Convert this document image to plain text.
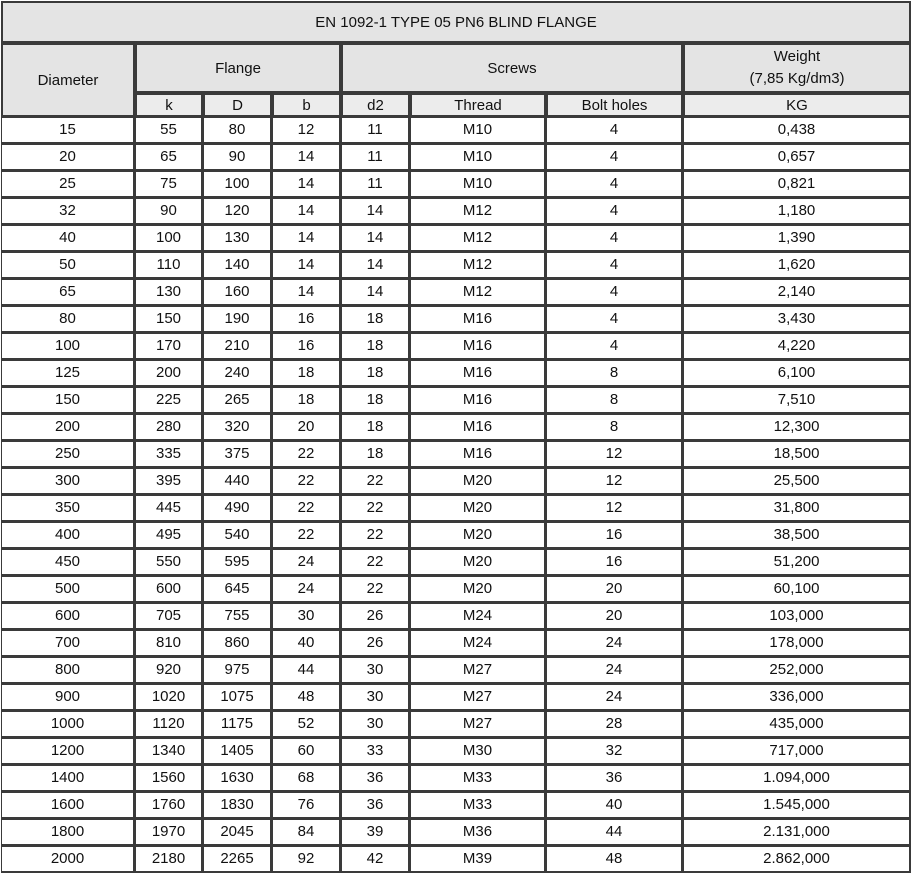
EN 1092-1 TYPE 05 PN6 BLIND FLANGE							
Diameter	Flange			Screws			Weight
(7,85 Kg/dm3)
	k	D	b	d2	Thread	Bolt holes	KG
15	55	80	12	11	M10	4	0,438
20	65	90	14	11	M10	4	0,657
25	75	100	14	11	M10	4	0,821
32	90	120	14	14	M12	4	1,180
40	100	130	14	14	M12	4	1,390
50	110	140	14	14	M12	4	1,620
65	130	160	14	14	M12	4	2,140
80	150	190	16	18	M16	4	3,430
100	170	210	16	18	M16	4	4,220
125	200	240	18	18	M16	8	6,100
150	225	265	18	18	M16	8	7,510
200	280	320	20	18	M16	8	12,300
250	335	375	22	18	M16	12	18,500
300	395	440	22	22	M20	12	25,500
350	445	490	22	22	M20	12	31,800
400	495	540	22	22	M20	16	38,500
450	550	595	24	22	M20	16	51,200
500	600	645	24	22	M20	20	60,100
600	705	755	30	26	M24	20	103,000
700	810	860	40	26	M24	24	178,000
800	920	975	44	30	M27	24	252,000
900	1020	1075	48	30	M27	24	336,000
1000	1120	1175	52	30	M27	28	435,000
1200	1340	1405	60	33	M30	32	717,000
1400	1560	1630	68	36	M33	36	1.094,000
1600	1760	1830	76	36	M33	40	1.545,000
1800	1970	2045	84	39	M36	44	2.131,000
2000	2180	2265	92	42	M39	48	2.862,000
